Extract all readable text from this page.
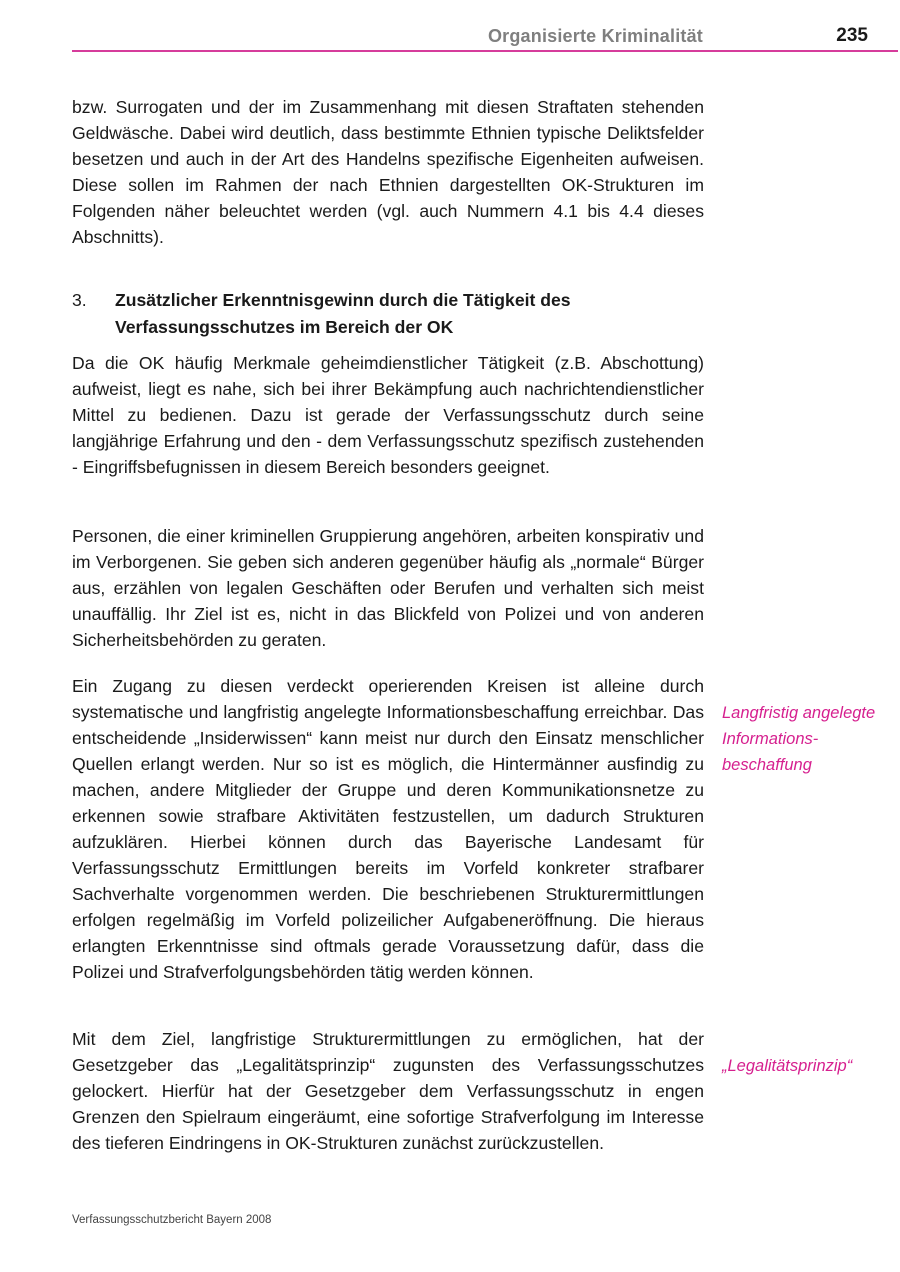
Organisierte Kriminalität	235

bzw. Surrogaten und der im Zusammenhang mit diesen Straftaten stehenden Geldwäsche. Dabei wird deutlich, dass bestimmte Ethnien typische Deliktsfelder besetzen und auch in der Art des Handelns spezifische Eigenheiten aufweisen. Diese sollen im Rahmen der nach Ethnien dargestellten OK-Strukturen im Folgenden näher beleuchtet werden (vgl. auch Nummern 4.1 bis 4.4 dieses Abschnitts).

3. Zusätzlicher Erkenntnisgewinn durch die Tätigkeit des Verfassungsschutzes im Bereich der OK

Da die OK häufig Merkmale geheimdienstlicher Tätigkeit (z.B. Abschottung) aufweist, liegt es nahe, sich bei ihrer Bekämpfung auch nachrichtendienstlicher Mittel zu bedienen. Dazu ist gerade der Verfassungsschutz durch seine langjährige Erfahrung und den - dem Verfassungsschutz spezifisch zustehenden - Eingriffsbefugnissen in diesem Bereich besonders geeignet.

Personen, die einer kriminellen Gruppierung angehören, arbeiten konspirativ und im Verborgenen. Sie geben sich anderen gegenüber häufig als „normale“ Bürger aus, erzählen von legalen Geschäften oder Berufen und verhalten sich meist unauffällig. Ihr Ziel ist es, nicht in das Blickfeld von Polizei und von anderen Sicherheitsbehörden zu geraten.

Ein Zugang zu diesen verdeckt operierenden Kreisen ist alleine durch systematische und langfristig angelegte Informationsbeschaffung erreichbar. Das entscheidende „Insiderwissen“ kann meist nur durch den Einsatz menschlicher Quellen erlangt werden. Nur so ist es möglich, die Hintermänner ausfindig zu machen, andere Mitglieder der Gruppe und deren Kommunikationsnetze zu erkennen sowie strafbare Aktivitäten festzustellen, um dadurch Strukturen aufzuklären. Hierbei können durch das Bayerische Landesamt für Verfassungsschutz Ermittlungen bereits im Vorfeld konkreter strafbarer Sachverhalte vorgenommen werden. Die beschriebenen Strukturermittlungen erfolgen regelmäßig im Vorfeld polizeilicher Aufgabeneröffnung. Die hieraus erlangten Erkenntnisse sind oftmals gerade Voraussetzung dafür, dass die Polizei und Strafverfolgungsbehörden tätig werden können.

Langfristig angelegte Informationsbeschaffung

Mit dem Ziel, langfristige Strukturermittlungen zu ermöglichen, hat der Gesetzgeber das „Legalitätsprinzip“ zugunsten des Verfassungsschutzes gelockert. Hierfür hat der Gesetzgeber dem Verfassungsschutz in engen Grenzen den Spielraum eingeräumt, eine sofortige Strafverfolgung im Interesse des tieferen Eindringens in OK-Strukturen zunächst zurückzustellen.

„Legalitätsprinzip“
Verfassungsschutzbericht Bayern 2008
